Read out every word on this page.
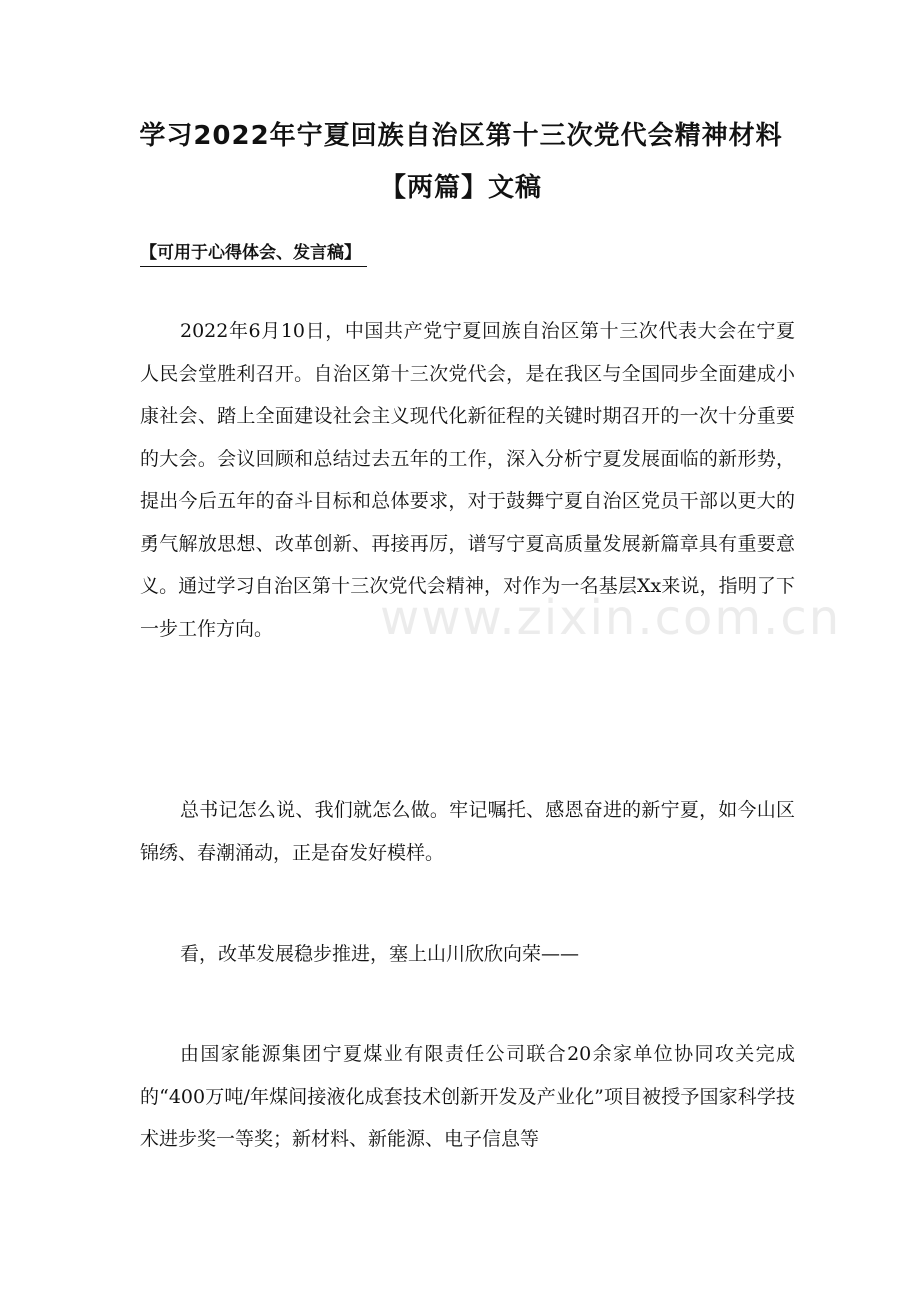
学习2022年宁夏回族自治区第十三次党代会精神材料【两篇】文稿
【可用于心得体会、发言稿】

2022年6月10日，中国共产党宁夏回族自治区第十三次代表大会在宁夏人民会堂胜利召开。自治区第十三次党代会，是在我区与全国同步全面建成小康社会、踏上全面建设社会主义现代化新征程的关键时期召开的一次十分重要的大会。会议回顾和总结过去五年的工作，深入分析宁夏发展面临的新形势，提出今后五年的奋斗目标和总体要求，对于鼓舞宁夏自治区党员干部以更大的勇气解放思想、改革创新、再接再厉，谱写宁夏高质量发展新篇章具有重要意义。通过学习自治区第十三次党代会精神，对作为一名基层Xx来说，指明了下一步工作方向。

总书记怎么说、我们就怎么做。牢记嘱托、感恩奋进的新宁夏，如今山区锦绣、春潮涌动，正是奋发好模样。

看，改革发展稳步推进，塞上山川欣欣向荣——

由国家能源集团宁夏煤业有限责任公司联合20余家单位协同攻关完成的“400万吨/年煤间接液化成套技术创新开发及产业化”项目被授予国家科学技术进步奖一等奖；新材料、新能源、电子信息等

www.zixin.com.cn
